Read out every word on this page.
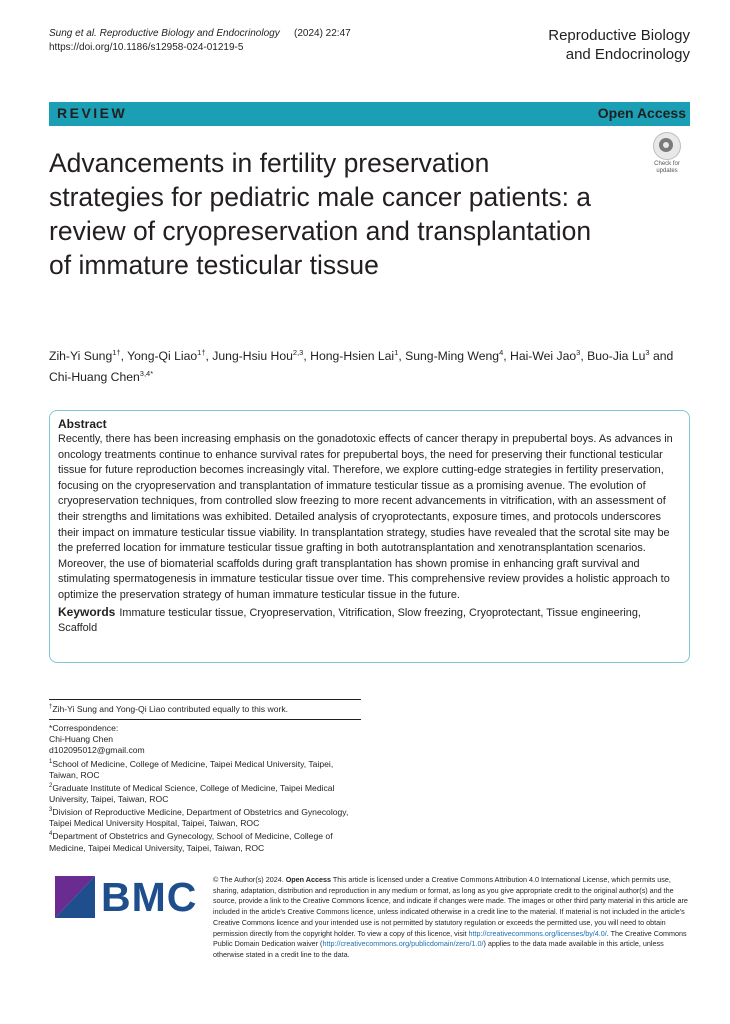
Sung et al. Reproductive Biology and Endocrinology (2024) 22:47
https://doi.org/10.1186/s12958-024-01219-5
Reproductive Biology
and Endocrinology
REVIEW	Open Access
Advancements in fertility preservation strategies for pediatric male cancer patients: a review of cryopreservation and transplantation of immature testicular tissue
Check for
updates
Zih-Yi Sung$^{1\dagger}$, Yong-Qi Liao$^{1\dagger}$, Jung-Hsiu Hou$^{2,3}$, Hong-Hsien Lai$^1$, Sung-Ming Weng$^4$, Hai-Wei Jao$^3$, Buo-Jia Lu$^3$ and Chi-Huang Chen$^{3,4*}$
Abstract
Recently, there has been increasing emphasis on the gonadotoxic effects of cancer therapy in prepubertal boys. As advances in oncology treatments continue to enhance survival rates for prepubertal boys, the need for preserving their functional testicular tissue for future reproduction becomes increasingly vital. Therefore, we explore cutting-edge strategies in fertility preservation, focusing on the cryopreservation and transplantation of immature testicular tissue as a promising avenue. The evolution of cryopreservation techniques, from controlled slow freezing to more recent advancements in vitrification, with an assessment of their strengths and limitations was exhibited. Detailed analysis of cryoprotectants, exposure times, and protocols underscores their impact on immature testicular tissue viability. In transplantation strategy, studies have revealed that the scrotal site may be the preferred location for immature testicular tissue grafting in both autotransplantation and xenotransplantation scenarios. Moreover, the use of biomaterial scaffolds during graft transplantation has shown promise in enhancing graft survival and stimulating spermatogenesis in immature testicular tissue over time. This comprehensive review provides a holistic approach to optimize the preservation strategy of human immature testicular tissue in the future.
Keywords Immature testicular tissue, Cryopreservation, Vitrification, Slow freezing, Cryoprotectant, Tissue engineering, Scaffold
†Zih-Yi Sung and Yong-Qi Liao contributed equally to this work.
*Correspondence:
Chi-Huang Chen
d102095012@gmail.com
$^1$School of Medicine, College of Medicine, Taipei Medical University, Taipei, Taiwan, ROC
$^2$Graduate Institute of Medical Science, College of Medicine, Taipei Medical University, Taipei, Taiwan, ROC
$^3$Division of Reproductive Medicine, Department of Obstetrics and Gynecology, Taipei Medical University Hospital, Taipei, Taiwan, ROC
$^4$Department of Obstetrics and Gynecology, School of Medicine, College of Medicine, Taipei Medical University, Taipei, Taiwan, ROC
BMC © The Author(s) 2024. Open Access This article is licensed under a Creative Commons Attribution 4.0 International License, which permits use, sharing, adaptation, distribution and reproduction in any medium or format, as long as you give appropriate credit to the original author(s) and the source, provide a link to the Creative Commons licence, and indicate if changes were made. The images or other third party material in this article are included in the article's Creative Commons licence, unless indicated otherwise in a credit line to the material. If material is not included in the article's Creative Commons licence and your intended use is not permitted by statutory regulation or exceeds the permitted use, you will need to obtain permission directly from the copyright holder. To view a copy of this licence, visit http://creativecommons.org/licenses/by/4.0/. The Creative Commons Public Domain Dedication waiver (http://creativecommons.org/publicdomain/zero/1.0/) applies to the data made available in this article, unless otherwise stated in a credit line to the data.
